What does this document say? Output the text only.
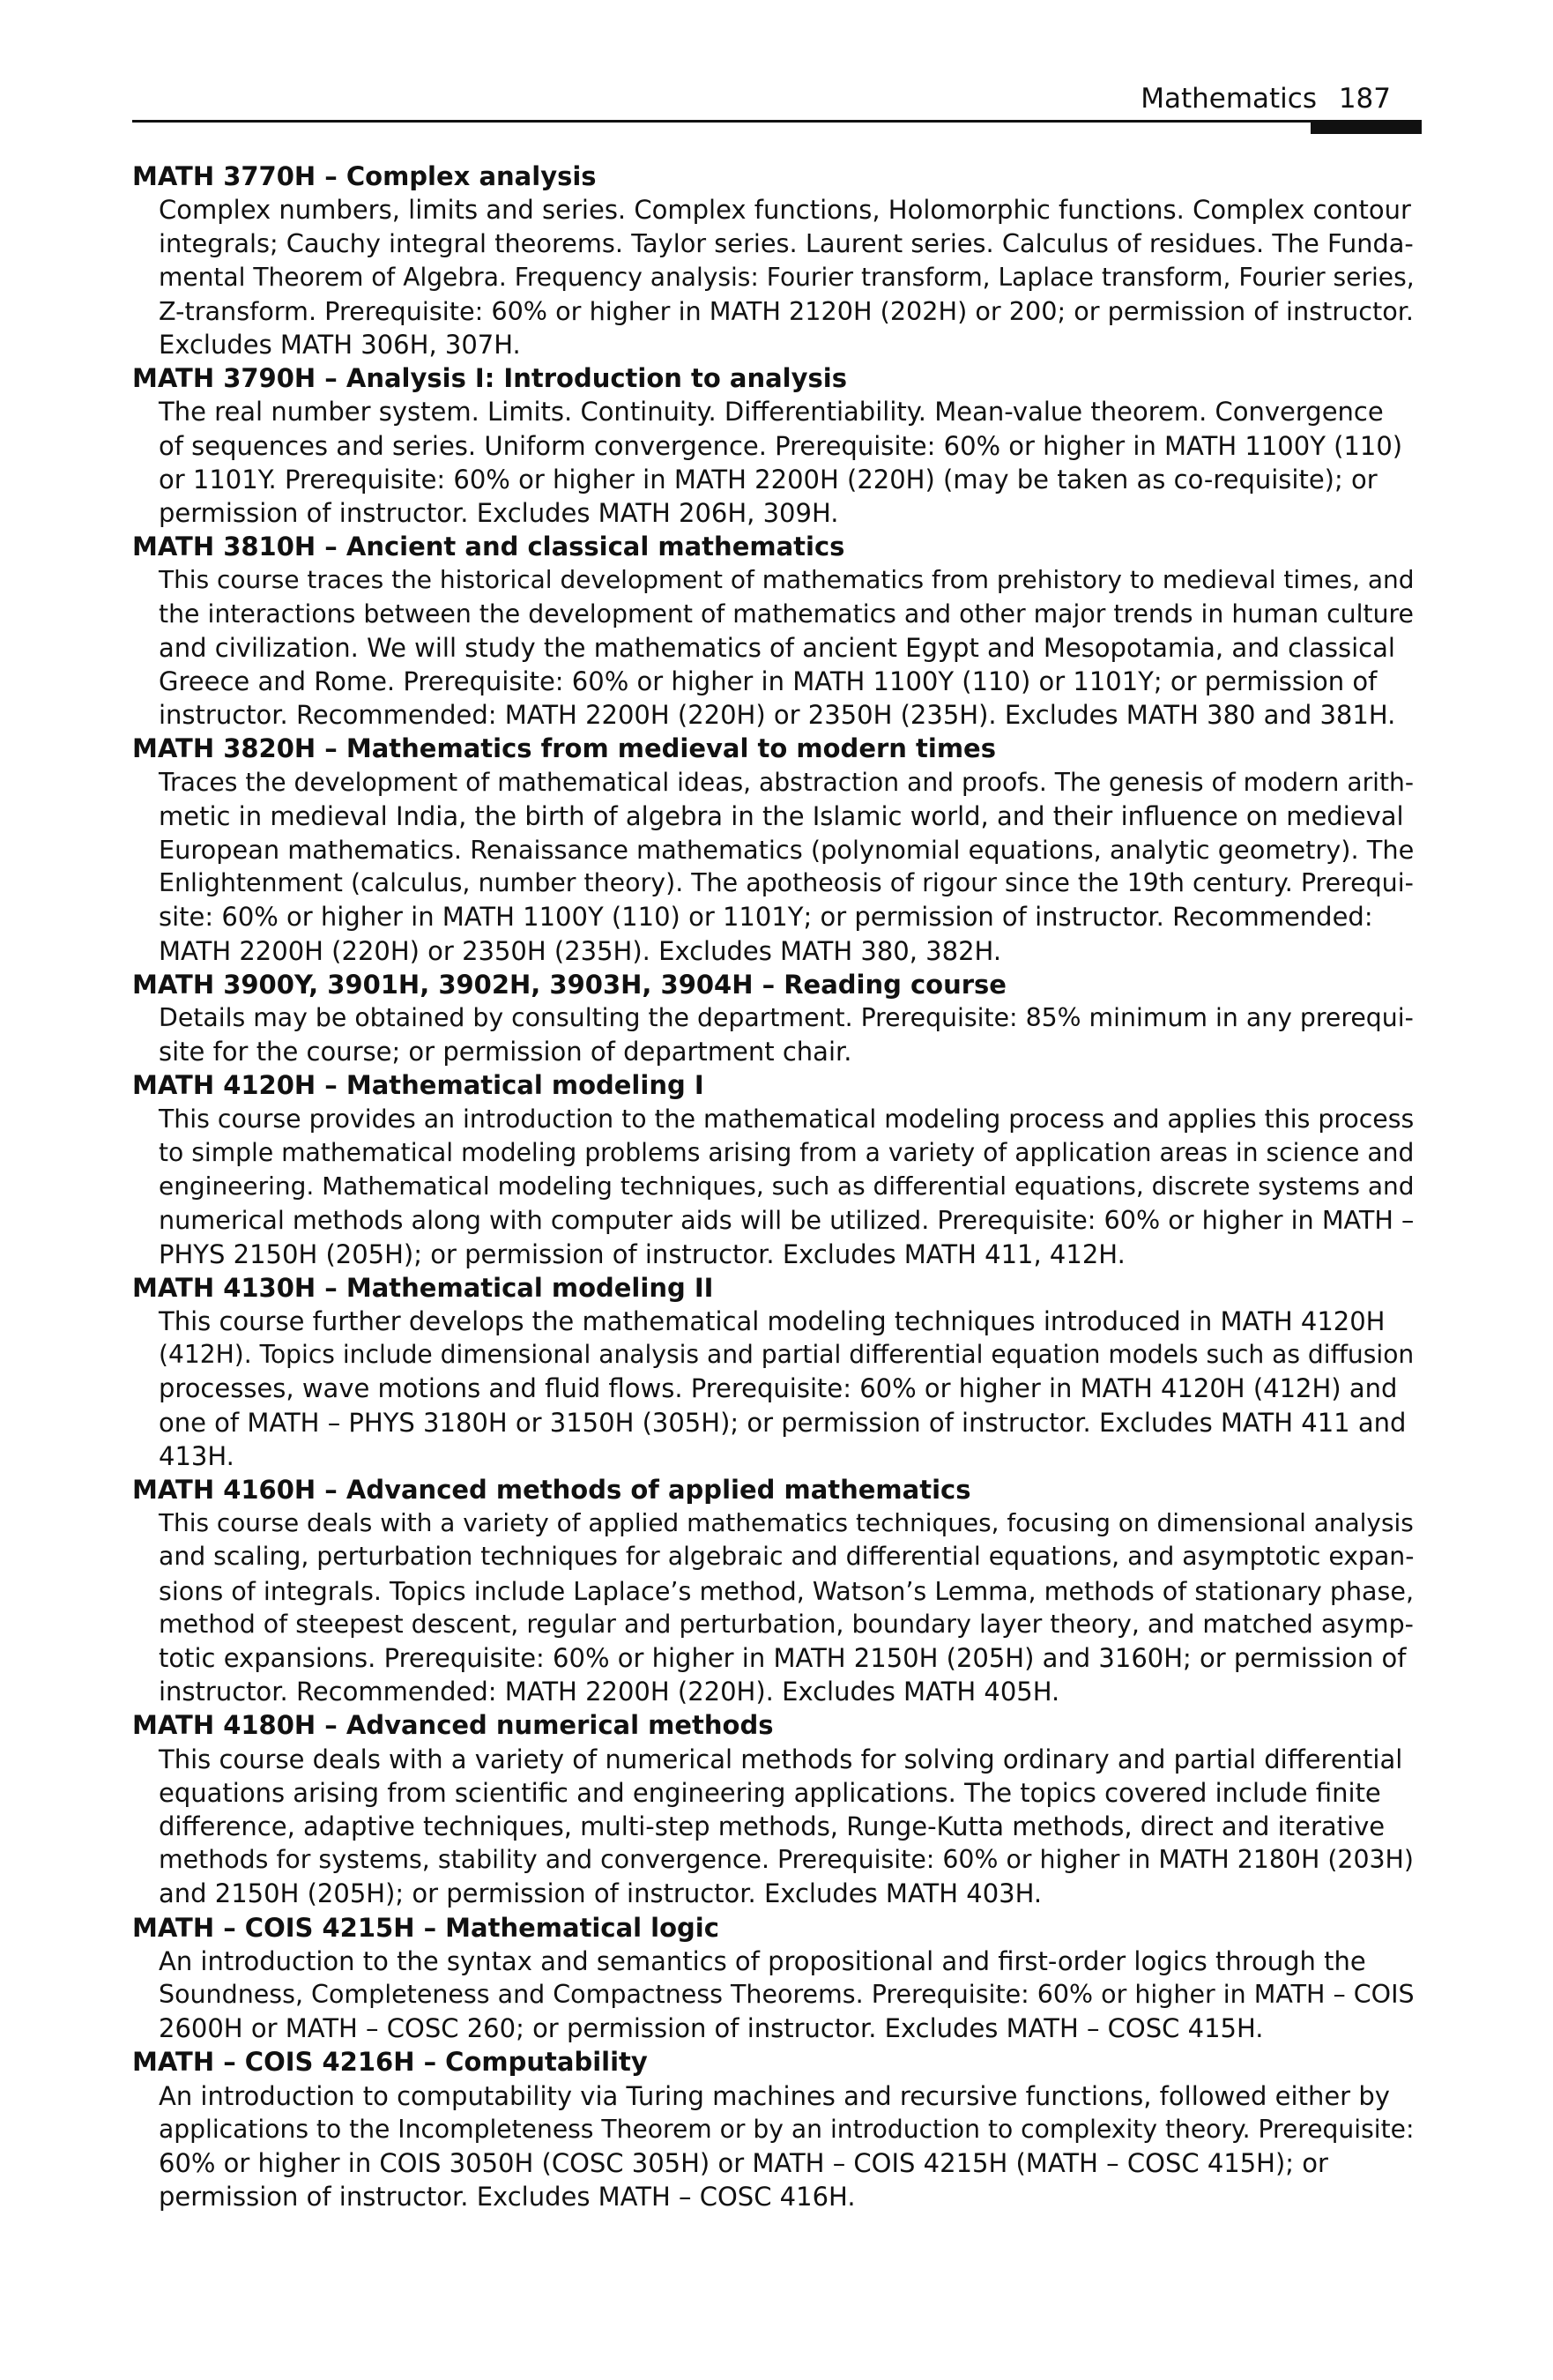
Mathematics 187
MATH 3770H – Complex analysis
Complex numbers, limits and series. Complex functions, Holomorphic functions. Complex contour
integrals; Cauchy integral theorems. Taylor series. Laurent series. Calculus of residues. The Funda-
mental Theorem of Algebra. Frequency analysis: Fourier transform, Laplace transform, Fourier series,
Z-transform. Prerequisite: 60% or higher in MATH 2120H (202H) or 200; or permission of instructor.
Excludes MATH 306H, 307H.
MATH 3790H – Analysis I: Introduction to analysis
The real number system. Limits. Continuity. Differentiability. Mean-value theorem. Convergence
of sequences and series. Uniform convergence. Prerequisite: 60% or higher in MATH 1100Y (110)
or 1101Y. Prerequisite: 60% or higher in MATH 2200H (220H) (may be taken as co-requisite); or
permission of instructor. Excludes MATH 206H, 309H.
MATH 3810H – Ancient and classical mathematics
This course traces the historical development of mathematics from prehistory to medieval times, and
the interactions between the development of mathematics and other major trends in human culture
and civilization. We will study the mathematics of ancient Egypt and Mesopotamia, and classical
Greece and Rome. Prerequisite: 60% or higher in MATH 1100Y (110) or 1101Y; or permission of
instructor. Recommended: MATH 2200H (220H) or 2350H (235H). Excludes MATH 380 and 381H.
MATH 3820H – Mathematics from medieval to modern times
Traces the development of mathematical ideas, abstraction and proofs. The genesis of modern arith-
metic in medieval India, the birth of algebra in the Islamic world, and their influence on medieval
European mathematics. Renaissance mathematics (polynomial equations, analytic geometry). The
Enlightenment (calculus, number theory). The apotheosis of rigour since the 19th century. Prerequi-
site: 60% or higher in MATH 1100Y (110) or 1101Y; or permission of instructor. Recommended:
MATH 2200H (220H) or 2350H (235H). Excludes MATH 380, 382H.
MATH 3900Y, 3901H, 3902H, 3903H, 3904H – Reading course
Details may be obtained by consulting the department. Prerequisite: 85% minimum in any prerequi-
site for the course; or permission of department chair.
MATH 4120H – Mathematical modeling I
This course provides an introduction to the mathematical modeling process and applies this process
to simple mathematical modeling problems arising from a variety of application areas in science and
engineering. Mathematical modeling techniques, such as differential equations, discrete systems and
numerical methods along with computer aids will be utilized. Prerequisite: 60% or higher in MATH –
PHYS 2150H (205H); or permission of instructor. Excludes MATH 411, 412H.
MATH 4130H – Mathematical modeling II
This course further develops the mathematical modeling techniques introduced in MATH 4120H
(412H). Topics include dimensional analysis and partial differential equation models such as diffusion
processes, wave motions and fluid flows. Prerequisite: 60% or higher in MATH 4120H (412H) and
one of MATH – PHYS 3180H or 3150H (305H); or permission of instructor. Excludes MATH 411 and
413H.
MATH 4160H – Advanced methods of applied mathematics
This course deals with a variety of applied mathematics techniques, focusing on dimensional analysis
and scaling, perturbation techniques for algebraic and differential equations, and asymptotic expan-
sions of integrals. Topics include Laplace’s method, Watson’s Lemma, methods of stationary phase,
method of steepest descent, regular and perturbation, boundary layer theory, and matched asymp-
totic expansions. Prerequisite: 60% or higher in MATH 2150H (205H) and 3160H; or permission of
instructor. Recommended: MATH 2200H (220H). Excludes MATH 405H.
MATH 4180H – Advanced numerical methods
This course deals with a variety of numerical methods for solving ordinary and partial differential
equations arising from scientific and engineering applications. The topics covered include finite
difference, adaptive techniques, multi-step methods, Runge-Kutta methods, direct and iterative
methods for systems, stability and convergence. Prerequisite: 60% or higher in MATH 2180H (203H)
and 2150H (205H); or permission of instructor. Excludes MATH 403H.
MATH – COIS 4215H – Mathematical logic
An introduction to the syntax and semantics of propositional and first-order logics through the
Soundness, Completeness and Compactness Theorems. Prerequisite: 60% or higher in MATH – COIS
2600H or MATH – COSC 260; or permission of instructor. Excludes MATH – COSC 415H.
MATH – COIS 4216H – Computability
An introduction to computability via Turing machines and recursive functions, followed either by
applications to the Incompleteness Theorem or by an introduction to complexity theory. Prerequisite:
60% or higher in COIS 3050H (COSC 305H) or MATH – COIS 4215H (MATH – COSC 415H); or
permission of instructor. Excludes MATH – COSC 416H.
